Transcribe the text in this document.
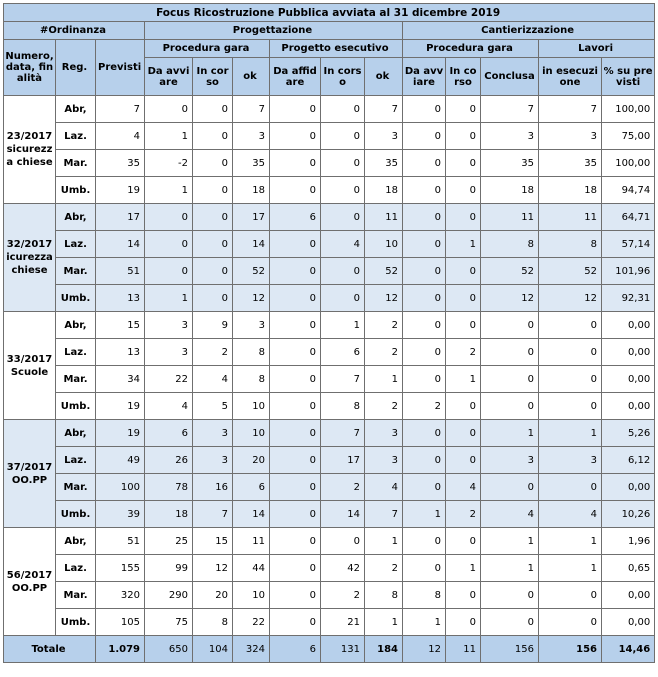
Focus Ricostruzione Pubblica avviata al 31 dicembre 2019													
#Ordinanza			Progettazione						Cantierizzazione				
Numero, data, finalità	Reg.	Previsti	Procedura gara			Progetto esecutivo			Procedura gara			Lavori	
			Da avviare	In corso	ok	Da affidare	In corso	ok	Da avviare	In corso	Conclusa	in esecuzione	% su previsti
23/2017 sicurezza chiese	Abr,	7	0	0	7	0	0	7	0	0	7	7	100,00
	Laz.	4	1	0	3	0	0	3	0	0	3	3	75,00
	Mar.	35	-2	0	35	0	0	35	0	0	35	35	100,00
	Umb.	19	1	0	18	0	0	18	0	0	18	18	94,74
32/2017 icurezza chiese	Abr,	17	0	0	17	6	0	11	0	0	11	11	64,71
	Laz.	14	0	0	14	0	4	10	0	1	8	8	57,14
	Mar.	51	0	0	52	0	0	52	0	0	52	52	101,96
	Umb.	13	1	0	12	0	0	12	0	0	12	12	92,31
33/2017 Scuole	Abr,	15	3	9	3	0	1	2	0	0	0	0	0,00
	Laz.	13	3	2	8	0	6	2	0	2	0	0	0,00
	Mar.	34	22	4	8	0	7	1	0	1	0	0	0,00
	Umb.	19	4	5	10	0	8	2	2	0	0	0	0,00
37/2017 OO.PP	Abr,	19	6	3	10	0	7	3	0	0	1	1	5,26
	Laz.	49	26	3	20	0	17	3	0	0	3	3	6,12
	Mar.	100	78	16	6	0	2	4	0	4	0	0	0,00
	Umb.	39	18	7	14	0	14	7	1	2	4	4	10,26
56/2017 OO.PP	Abr,	51	25	15	11	0	0	1	0	0	1	1	1,96
	Laz.	155	99	12	44	0	42	2	0	1	1	1	0,65
	Mar.	320	290	20	10	0	2	8	8	0	0	0	0,00
	Umb.	105	75	8	22	0	21	1	1	0	0	0	0,00
Totale		1.079	650	104	324	6	131	184	12	11	156	156	14,46
